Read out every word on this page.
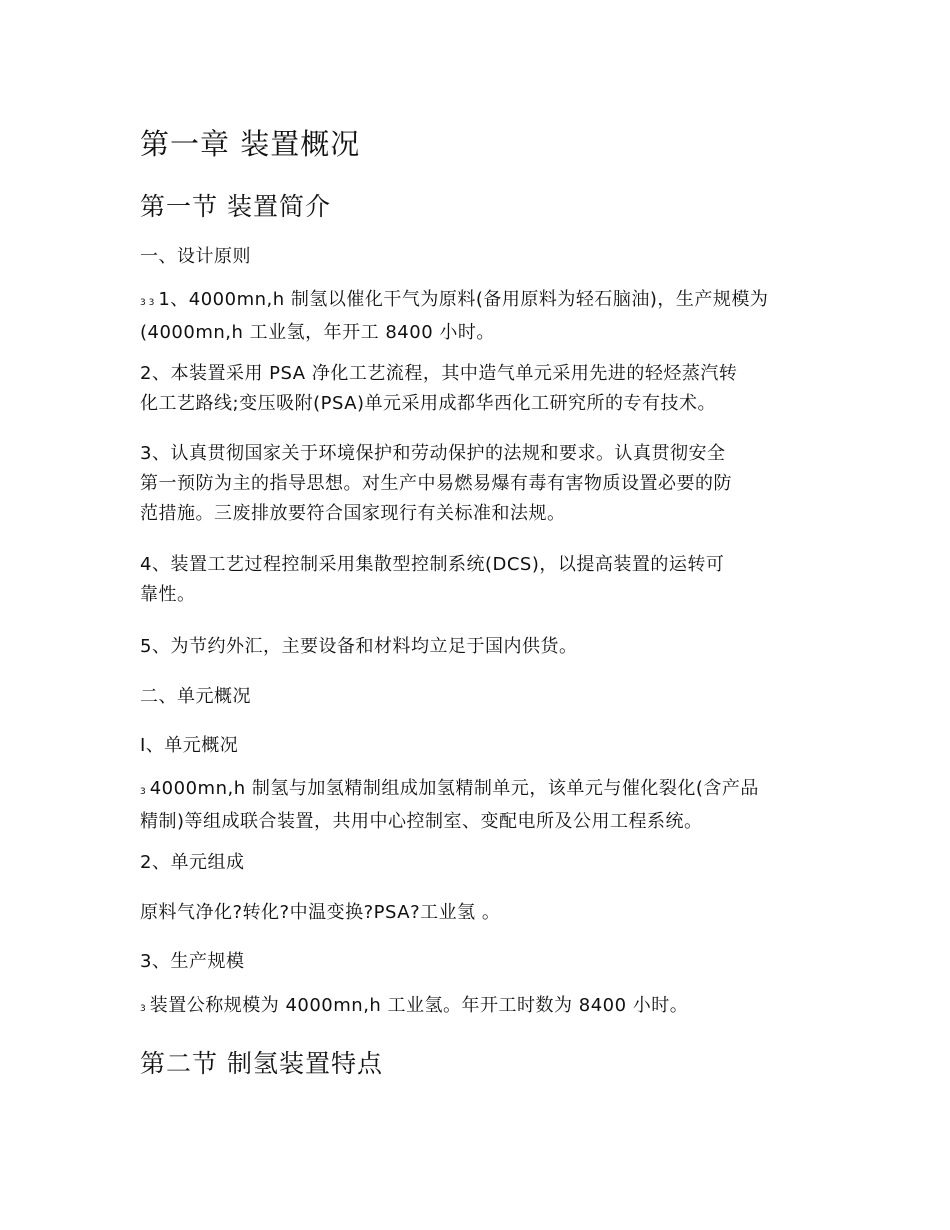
第一章 装置概况
第一节 装置简介

一、设计原则

3 3 1、4000mn,h 制氢以催化干气为原料(备用原料为轻石脑油)，生产规模为
(4000mn,h 工业氢，年开工 8400 小时。

2、本装置采用 PSA 净化工艺流程，其中造气单元采用先进的轻烃蒸汽转
化工艺路线;变压吸附(PSA)单元采用成都华西化工研究所的专有技术。

3、认真贯彻国家关于环境保护和劳动保护的法规和要求。认真贯彻安全
第一预防为主的指导思想。对生产中易燃易爆有毒有害物质设置必要的防
范措施。三废排放要符合国家现行有关标准和法规。

4、装置工艺过程控制采用集散型控制系统(DCS)，以提高装置的运转可
靠性。

5、为节约外汇，主要设备和材料均立足于国内供货。

二、单元概况

I、单元概况

3 4000mn,h 制氢与加氢精制组成加氢精制单元，该单元与催化裂化(含产品
精制)等组成联合装置，共用中心控制室、变配电所及公用工程系统。

2、单元组成

原料气净化?转化?中温变换?PSA?工业氢 。

3、生产规模

3 装置公称规模为 4000mn,h 工业氢。年开工时数为 8400 小时。

第二节 制氢装置特点
